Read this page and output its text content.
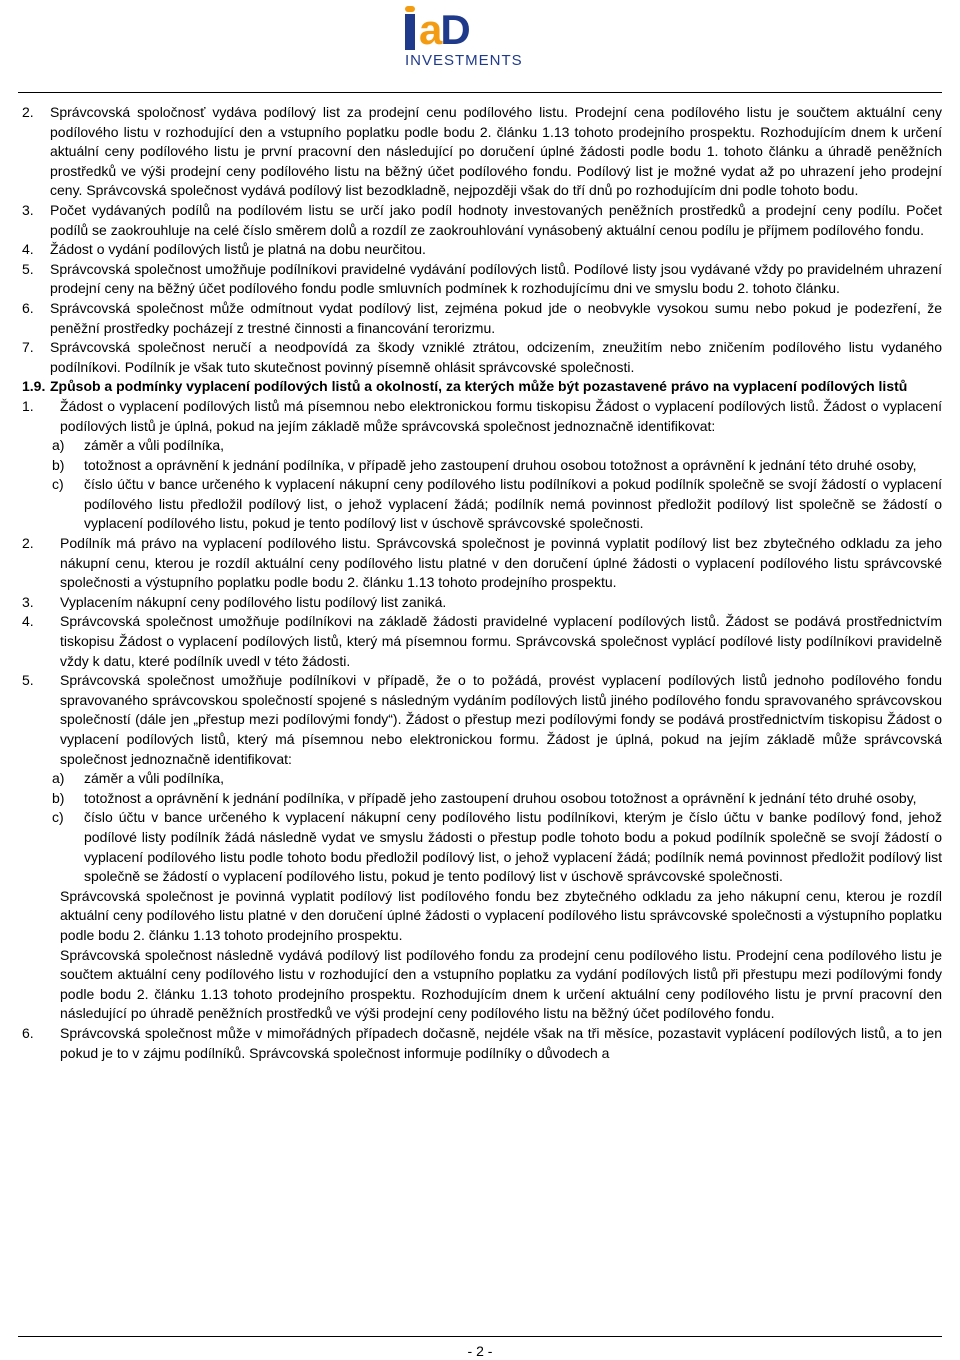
a
D
INVESTMENTS
2. Správcovská spoločnosť vydáva podílový list za prodejní cenu podílového listu. Prodejní cena podílového listu je součtem aktuální ceny podílového listu v rozhodující den a vstupního poplatku podle bodu 2. článku 1.13 tohoto prodejního prospektu. Rozhodujícím dnem k určení aktuální ceny podílového listu je první pracovní den následující po doručení úplné žádosti podle bodu 1. tohoto článku a úhradě peněžních prostředků ve výši prodejní ceny podílového listu na běžný účet podílového fondu. Podílový list je možné vydat až po uhrazení jeho prodejní ceny. Správcovská společnost vydává podílový list bezodkladně, nejpozději však do tří dnů po rozhodujícím dni podle tohoto bodu.
3. Počet vydávaných podílů na podílovém listu se určí jako podíl hodnoty investovaných peněžních prostředků a prodejní ceny podílu. Počet podílů se zaokrouhluje na celé číslo směrem dolů a rozdíl ze zaokrouhlování vynásobený aktuální cenou podílu je příjmem podílového fondu.
4. Žádost o vydání podílových listů je platná na dobu neurčitou.
5. Správcovská společnost umožňuje podílníkovi pravidelné vydávání podílových listů. Podílové listy jsou vydávané vždy po pravidelném uhrazení prodejní ceny na běžný účet podílového fondu podle smluvních podmínek k rozhodujícímu dni ve smyslu bodu 2. tohoto článku.
6. Správcovská společnost může odmítnout vydat podílový list, zejména pokud jde o neobvykle vysokou sumu nebo pokud je podezření, že peněžní prostředky pocházejí z trestné činnosti a financování terorizmu.
7. Správcovská společnost neručí a neodpovídá za škody vzniklé ztrátou, odcizením, zneužitím nebo zničením podílového listu vydaného podílníkovi. Podílník je však tuto skutečnost povinný písemně ohlásit správcovské společnosti.
1.9. Způsob a podmínky vyplacení podílových listů a okolností, za kterých může být pozastavené právo na vyplacení podílových listů
1. Žádost o vyplacení podílových listů má písemnou nebo elektronickou formu tiskopisu Žádost o vyplacení podílových listů. Žádost o vyplacení podílových listů je úplná, pokud na jejím základě může správcovská společnost jednoznačně identifikovat:
a) záměr a vůli podílníka,
b) totožnost a oprávnění k jednání podílníka, v případě jeho zastoupení druhou osobou totožnost a oprávnění k jednání této druhé osoby,
c) číslo účtu v bance určeného k vyplacení nákupní ceny podílového listu podílníkovi a pokud podílník společně se svojí žádostí o vyplacení podílového listu předložil podílový list, o jehož vyplacení žádá; podílník nemá povinnost předložit podílový list společně se žádostí o vyplacení podílového listu, pokud je tento podílový list v úschově správcovské společnosti.
2. Podílník má právo na vyplacení podílového listu. Správcovská společnost je povinná vyplatit podílový list bez zbytečného odkladu za jeho nákupní cenu, kterou je rozdíl aktuální ceny podílového listu platné v den doručení úplné žádosti o vyplacení podílového listu správcovské společnosti a výstupního poplatku podle bodu 2. článku 1.13 tohoto prodejního prospektu.
3. Vyplacením nákupní ceny podílového listu podílový list zaniká.
4. Správcovská společnost umožňuje podílníkovi na základě žádosti pravidelné vyplacení podílových listů. Žádost se podává prostřednictvím tiskopisu Žádost o vyplacení podílových listů, který má písemnou formu. Správcovská společnost vyplácí podílové listy podílníkovi pravidelně vždy k datu, které podílník uvedl v této žádosti.
5. Správcovská společnost umožňuje podílníkovi v případě, že o to požádá, provést vyplacení podílových listů jednoho podílového fondu spravovaného správcovskou společností spojené s následným vydáním podílových listů jiného podílového fondu spravovaného správcovskou společností (dále jen „přestup mezi podílovými fondy“). Žádost o přestup mezi podílovými fondy se podává prostřednictvím tiskopisu Žádost o vyplacení podílových listů, který má písemnou nebo elektronickou formu. Žádost je úplná, pokud na jejím základě může správcovská společnost jednoznačně identifikovat:
a) záměr a vůli podílníka,
b) totožnost a oprávnění k jednání podílníka, v případě jeho zastoupení druhou osobou totožnost a oprávnění k jednání této druhé osoby,
c) číslo účtu v bance určeného k vyplacení nákupní ceny podílového listu podílníkovi, kterým je číslo účtu v banke podílový fond, jehož podílové listy podílník žádá následně vydat ve smyslu žádosti o přestup podle tohoto bodu a pokud podílník společně se svojí žádostí o vyplacení podílového listu podle tohoto bodu předložil podílový list, o jehož vyplacení žádá; podílník nemá povinnost předložit podílový list společně se žádostí o vyplacení podílového listu, pokud je tento podílový list v úschově správcovské společnosti.
Správcovská společnost je povinná vyplatit podílový list podílového fondu bez zbytečného odkladu za jeho nákupní cenu, kterou je rozdíl aktuální ceny podílového listu platné v den doručení úplné žádosti o vyplacení podílového listu správcovské společnosti a výstupního poplatku podle bodu 2. článku 1.13 tohoto prodejního prospektu.
Správcovská společnost následně vydává podílový list podílového fondu za prodejní cenu podílového listu. Prodejní cena podílového listu je součtem aktuální ceny podílového listu v rozhodující den a vstupního poplatku za vydání podílových listů při přestupu mezi podílovými fondy podle bodu 2. článku 1.13 tohoto prodejního prospektu. Rozhodujícím dnem k určení aktuální ceny podílového listu je první pracovní den následující po úhradě peněžních prostředků ve výši prodejní ceny podílového listu na běžný účet podílového fondu.
6. Správcovská společnost může v mimořádných případech dočasně, nejdéle však na tři měsíce, pozastavit vyplácení podílových listů, a to jen pokud je to v zájmu podílníků. Správcovská společnost informuje podílníky o důvodech a
- 2 -
